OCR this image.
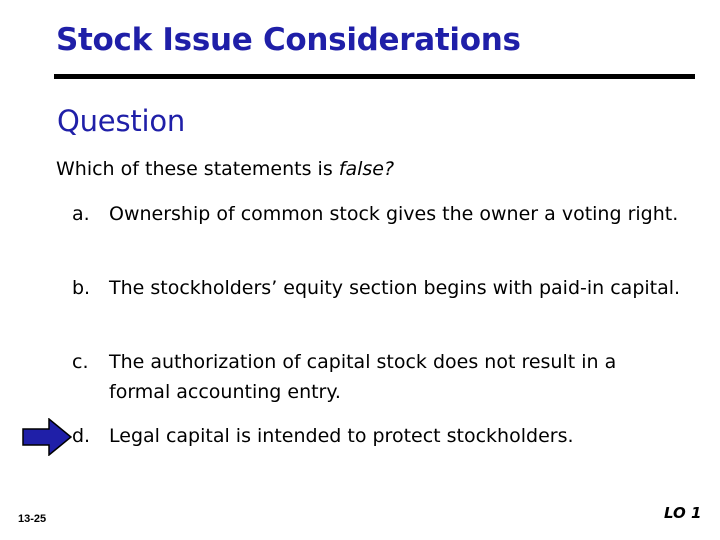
Stock Issue Considerations
Question
Which of these statements is false?
a.	Ownership of common stock gives the owner a voting right.
b. The stockholders’ equity section begins with paid-in capital.
c.	The authorization of capital stock does not result in a formal accounting entry.
d. Legal capital is intended to protect stockholders.
13-25	LO 1
